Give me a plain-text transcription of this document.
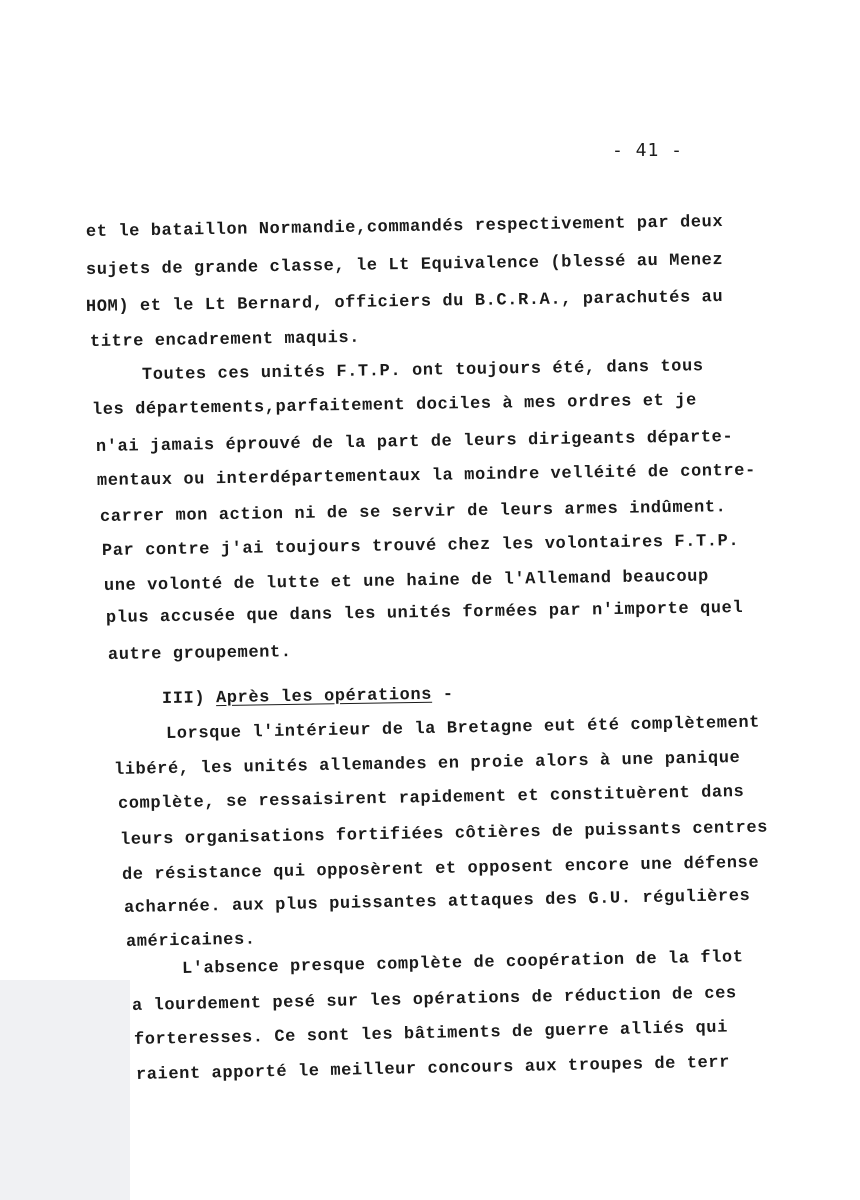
- 41 -
et le bataillon Normandie,commandés respectivement par deux
sujets de grande classe, le Lt Equivalence (blessé au Menez
HOM) et le Lt Bernard, officiers du B.C.R.A., parachutés au
titre encadrement maquis.
Toutes ces unités F.T.P. ont toujours été, dans tous
les départements,parfaitement dociles à mes ordres et je
n'ai jamais éprouvé de la part de leurs dirigeants départe-
mentaux ou interdépartementaux la moindre velléité de contre-
carrer mon action ni de se servir de leurs armes indûment.
Par contre j'ai toujours trouvé chez les volontaires F.T.P.
une volonté de lutte et une haine de l'Allemand beaucoup
plus accusée que dans les unités formées par n'importe quel
autre groupement.
III) Après les opérations -
Lorsque l'intérieur de la Bretagne eut été complètement
libéré, les unités allemandes en proie alors à une panique
complète, se ressaisirent rapidement et constituèrent dans
leurs organisations fortifiées côtières de puissants centres
de résistance qui opposèrent et opposent encore une défense
acharnée. aux plus puissantes attaques des G.U. régulières
américaines.
L'absence presque complète de coopération de la flot
a lourdement pesé sur les opérations de réduction de ces
forteresses. Ce sont les bâtiments de guerre alliés qui
raient apporté le meilleur concours aux troupes de terr
